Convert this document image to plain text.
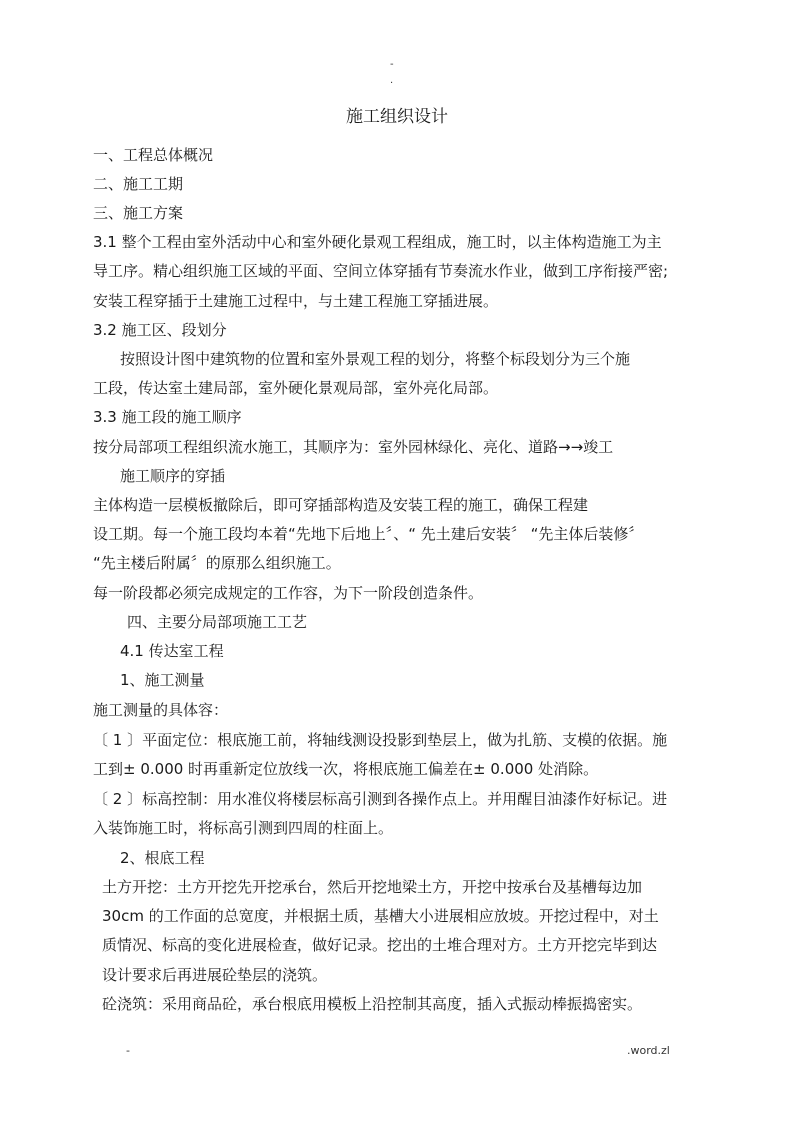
-
.
施工组织设计
一、工程总体概况
二、施工工期
三、施工方案
3.1 整个工程由室外活动中心和室外硬化景观工程组成，施工时，以主体构造施工为主
导工序。精心组织施工区域的平面、空间立体穿插有节奏流水作业，做到工序衔接严密;
安装工程穿插于土建施工过程中，与土建工程施工穿插进展。
3.2 施工区、段划分
按照设计图中建筑物的位置和室外景观工程的划分，将整个标段划分为三个施
工段，传达室土建局部，室外硬化景观局部，室外亮化局部。
3.3 施工段的施工顺序
按分局部项工程组织流水施工，其顺序为：室外园林绿化、亮化、道路→→竣工
施工顺序的穿插
主体构造一层模板撤除后，即可穿插部构造及安装工程的施工，确保工程建
设工期。每一个施工段均本着“先地下后地上〞、“ 先土建后安装〞 “先主体后装修〞
“先主楼后附属〞的原那么组织施工。
每一阶段都必须完成规定的工作容，为下一阶段创造条件。
四、主要分局部项施工工艺
4.1 传达室工程
1、施工测量
施工测量的具体容：
〔 1 〕平面定位：根底施工前，将轴线测设投影到垫层上，做为扎筋、支模的依据。施
工到± 0.000 时再重新定位放线一次，将根底施工偏差在± 0.000 处消除。
〔 2 〕标高控制：用水准仪将楼层标高引测到各操作点上。并用醒目油漆作好标记。进
入装饰施工时，将标高引测到四周的柱面上。
2、根底工程
土方开挖：土方开挖先开挖承台，然后开挖地梁土方，开挖中按承台及基槽每边加
30cm 的工作面的总宽度，并根据土质，基槽大小进展相应放坡。开挖过程中，对土
质情况、标高的变化进展检查，做好记录。挖出的土堆合理对方。土方开挖完毕到达
设计要求后再进展砼垫层的浇筑。
砼浇筑：采用商品砼，承台根底用模板上沿控制其高度，插入式振动棒振捣密实。
-	.word.zl
